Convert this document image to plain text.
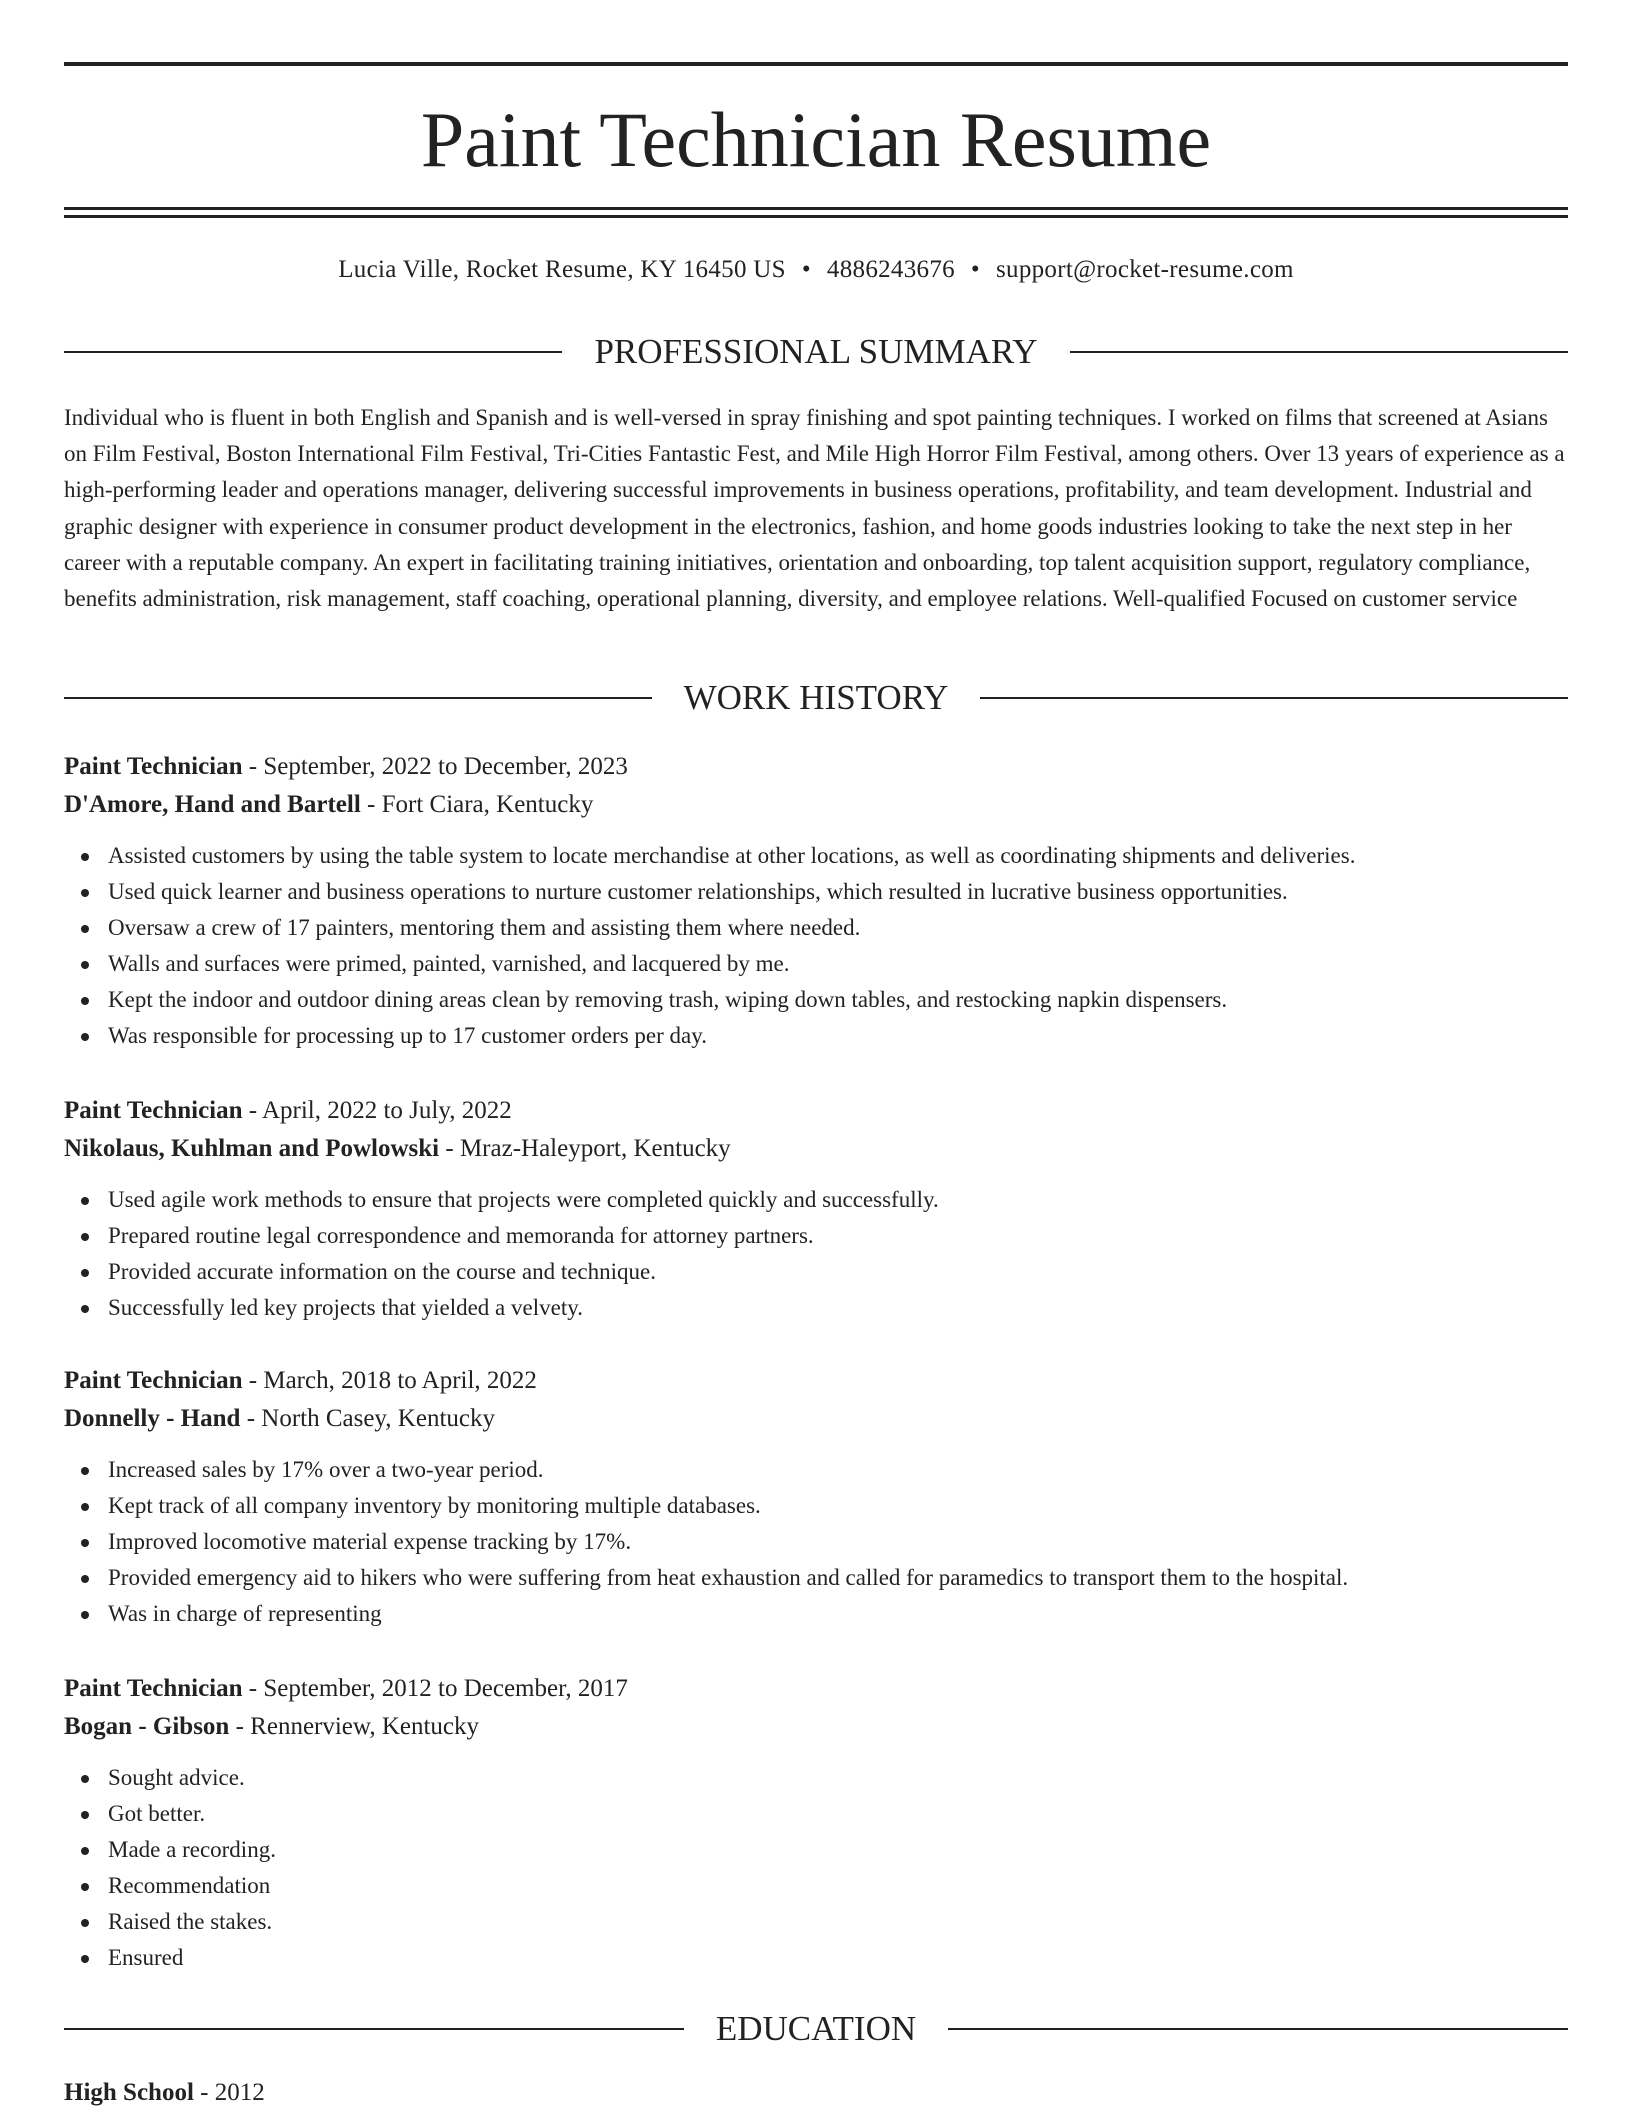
Paint Technician Resume
Lucia Ville, Rocket Resume, KY 16450 US • 4886243676 • support@rocket-resume.com
PROFESSIONAL SUMMARY

Individual who is fluent in both English and Spanish and is well-versed in spray finishing and spot painting techniques. I worked on films that screened at Asians on Film Festival, Boston International Film Festival, Tri-Cities Fantastic Fest, and Mile High Horror Film Festival, among others. Over 13 years of experience as a high-performing leader and operations manager, delivering successful improvements in business operations, profitability, and team development. Industrial and graphic designer with experience in consumer product development in the electronics, fashion, and home goods industries looking to take the next step in her career with a reputable company. An expert in facilitating training initiatives, orientation and onboarding, top talent acquisition support, regulatory compliance, benefits administration, risk management, staff coaching, operational planning, diversity, and employee relations. Well-qualified Focused on customer service

WORK HISTORY

Paint Technician - September, 2022 to December, 2023

D'Amore, Hand and Bartell - Fort Ciara, Kentucky

Assisted customers by using the table system to locate merchandise at other locations, as well as coordinating shipments and deliveries.
Used quick learner and business operations to nurture customer relationships, which resulted in lucrative business opportunities.
Oversaw a crew of 17 painters, mentoring them and assisting them where needed.
Walls and surfaces were primed, painted, varnished, and lacquered by me.
Kept the indoor and outdoor dining areas clean by removing trash, wiping down tables, and restocking napkin dispensers.
Was responsible for processing up to 17 customer orders per day.

Paint Technician - April, 2022 to July, 2022

Nikolaus, Kuhlman and Powlowski - Mraz-Haleyport, Kentucky

Used agile work methods to ensure that projects were completed quickly and successfully.
Prepared routine legal correspondence and memoranda for attorney partners.
Provided accurate information on the course and technique.
Successfully led key projects that yielded a velvety.

Paint Technician - March, 2018 to April, 2022

Donnelly - Hand - North Casey, Kentucky

Increased sales by 17% over a two-year period.
Kept track of all company inventory by monitoring multiple databases.
Improved locomotive material expense tracking by 17%.
Provided emergency aid to hikers who were suffering from heat exhaustion and called for paramedics to transport them to the hospital.
Was in charge of representing

Paint Technician - September, 2012 to December, 2017

Bogan - Gibson - Rennerview, Kentucky

Sought advice.
Got better.
Made a recording.
Recommendation
Raised the stakes.
Ensured
EDUCATION
High School - 2012
